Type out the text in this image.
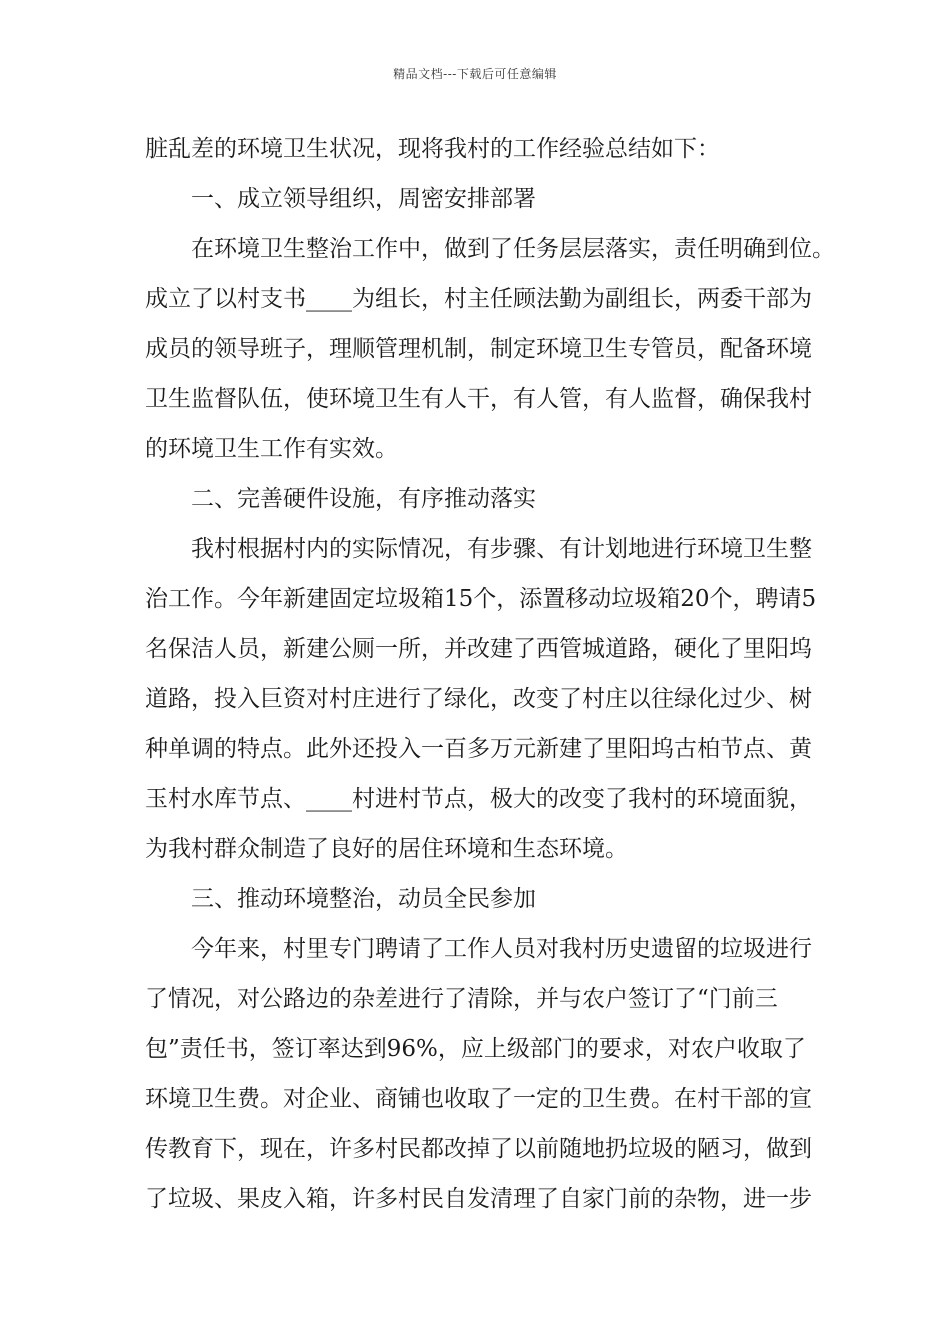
精品文档---下载后可任意编辑
脏乱差的环境卫生状况，现将我村的工作经验总结如下：
一、成立领导组织，周密安排部署
在环境卫生整治工作中，做到了任务层层落实，责任明确到位。
成立了以村支书____为组长，村主任顾法勤为副组长，两委干部为
成员的领导班子，理顺管理机制，制定环境卫生专管员，配备环境
卫生监督队伍，使环境卫生有人干，有人管，有人监督，确保我村
的环境卫生工作有实效。
二、完善硬件设施，有序推动落实
我村根据村内的实际情况，有步骤、有计划地进行环境卫生整
治工作。今年新建固定垃圾箱15个，添置移动垃圾箱20个，聘请5
名保洁人员，新建公厕一所，并改建了西管城道路，硬化了里阳坞
道路，投入巨资对村庄进行了绿化，改变了村庄以往绿化过少、树
种单调的特点。此外还投入一百多万元新建了里阳坞古柏节点、黄
玉村水库节点、____村进村节点，极大的改变了我村的环境面貌，
为我村群众制造了良好的居住环境和生态环境。
三、推动环境整治，动员全民参加
今年来，村里专门聘请了工作人员对我村历史遗留的垃圾进行
了情况，对公路边的杂差进行了清除，并与农户签订了“门前三
包”责任书，签订率达到96%，应上级部门的要求，对农户收取了
环境卫生费。对企业、商铺也收取了一定的卫生费。在村干部的宣
传教育下，现在，许多村民都改掉了以前随地扔垃圾的陋习，做到
了垃圾、果皮入箱，许多村民自发清理了自家门前的杂物，进一步
